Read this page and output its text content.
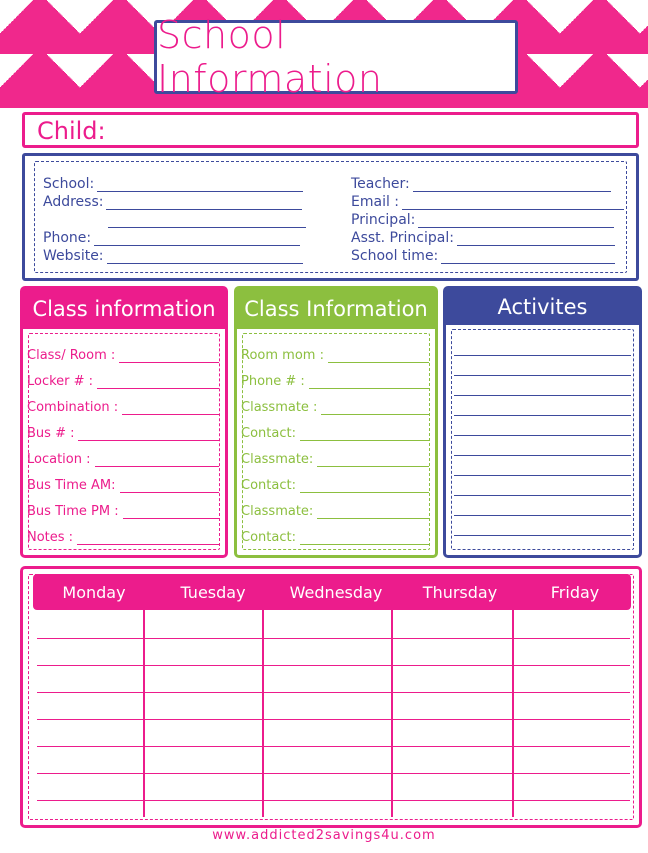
School Information
Child:
School:
Address:
Phone:
Website:
Teacher:
Email :
Principal:
Asst. Principal:
School time:
Class information
Class/ Room :
Locker # :
Combination :
Bus # :
Location :
Bus Time AM:
Bus Time PM :
Notes :
Class Information
Room mom :
Phone # :
Classmate :
Contact:
Classmate:
Contact:
Classmate:
Contact:
Activites
Monday	Tuesday	Wednesday	Thursday	Friday
www.addicted2savings4u.com
